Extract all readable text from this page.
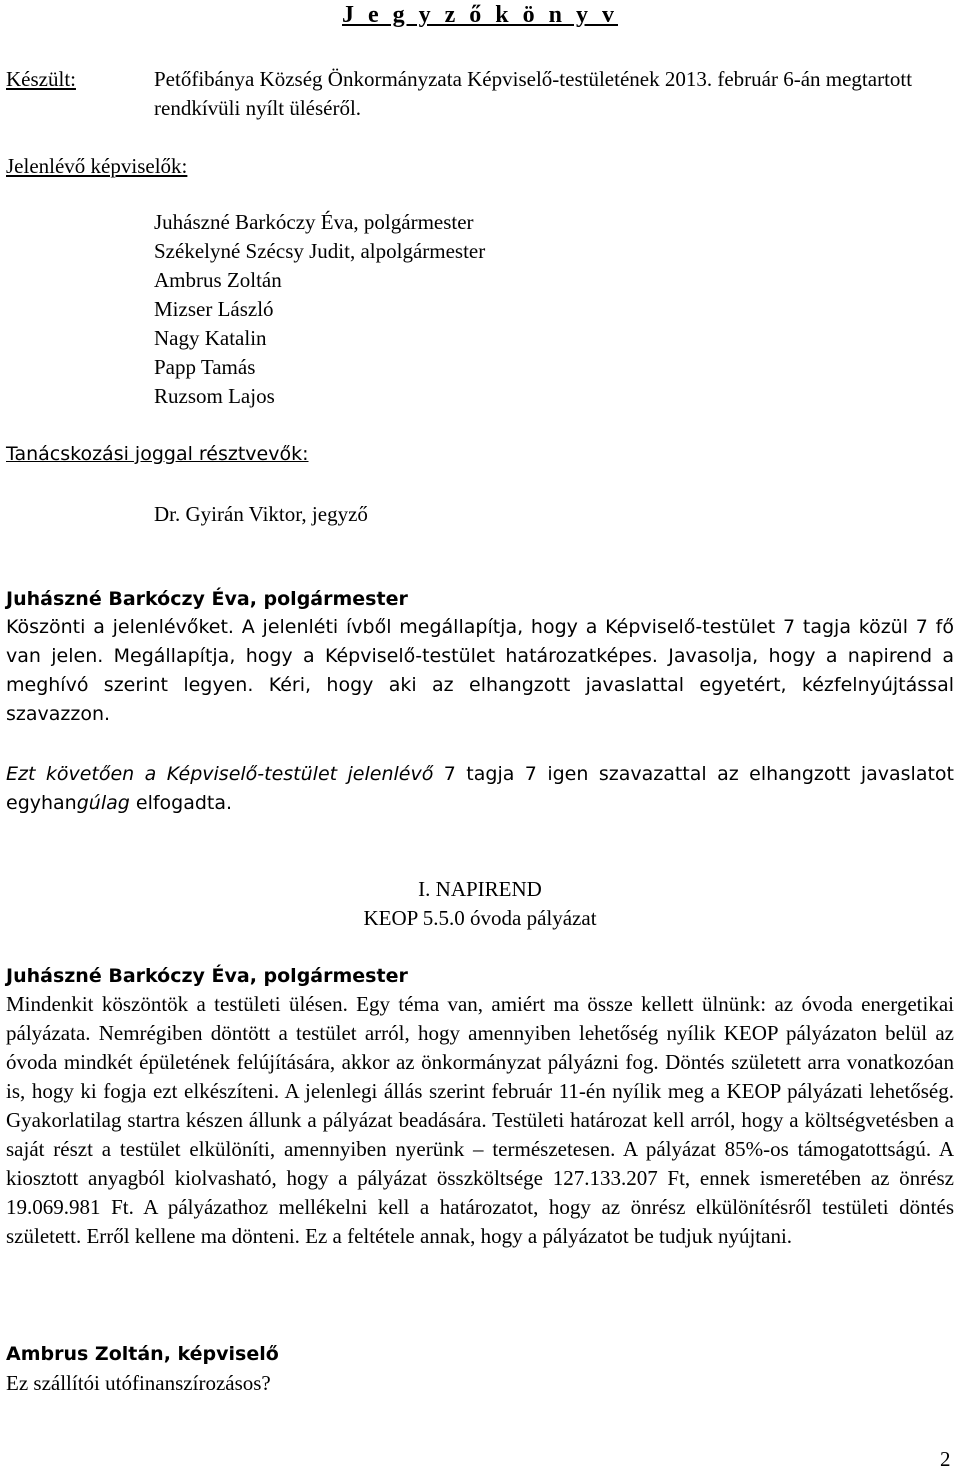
J e g y z ő k ö n y v
Készült:	Petőfibánya Község Önkormányzata Képviselő-testületének 2013. február 6-án megtartott rendkívüli nyílt üléséről.
Jelenlévő képviselők:
Juhászné Barkóczy Éva, polgármester
Székelyné Szécsy Judit, alpolgármester
Ambrus Zoltán
Mizser László
Nagy Katalin
Papp Tamás
Ruzsom Lajos
Tanácskozási joggal résztvevők:
Dr. Gyirán Viktor, jegyző
Juhászné Barkóczy Éva, polgármester
Köszönti a jelenlévőket. A jelenléti ívből megállapítja, hogy a Képviselő-testület 7 tagja közül 7 fő van jelen. Megállapítja, hogy a Képviselő-testület határozatképes. Javasolja, hogy a napirend a meghívó szerint legyen. Kéri, hogy aki az elhangzott javaslattal egyetért, kézfelnyújtással szavazzon.
Ezt követően a Képviselő-testület jelenlévő 7 tagja 7 igen szavazattal az elhangzott javaslatot egyhangúlag elfogadta.
I. NAPIREND
KEOP 5.5.0 óvoda pályázat
Juhászné Barkóczy Éva, polgármester
Mindenkit köszöntök a testületi ülésen. Egy téma van, amiért ma össze kellett ülnünk: az óvoda energetikai pályázata. Nemrégiben döntött a testület arról, hogy amennyiben lehetőség nyílik KEOP pályázaton belül az óvoda mindkét épületének felújítására, akkor az önkormányzat pályázni fog. Döntés született arra vonatkozóan is, hogy ki fogja ezt elkészíteni. A jelenlegi állás szerint február 11-én nyílik meg a KEOP pályázati lehetőség. Gyakorlatilag startra készen állunk a pályázat beadására. Testületi határozat kell arról, hogy a költségvetésben a saját részt a testület elkülöníti, amennyiben nyerünk – természetesen. A pályázat 85%-os támogatottságú. A kiosztott anyagból kiolvasható, hogy a pályázat összköltsége 127.133.207 Ft, ennek ismeretében az önrész 19.069.981 Ft. A pályázathoz mellékelni kell a határozatot, hogy az önrész elkülönítésről testületi döntés született. Erről kellene ma dönteni. Ez a feltétele annak, hogy a pályázatot be tudjuk nyújtani.
Ambrus Zoltán, képviselő
Ez szállítói utófinanszírozásos?
2
